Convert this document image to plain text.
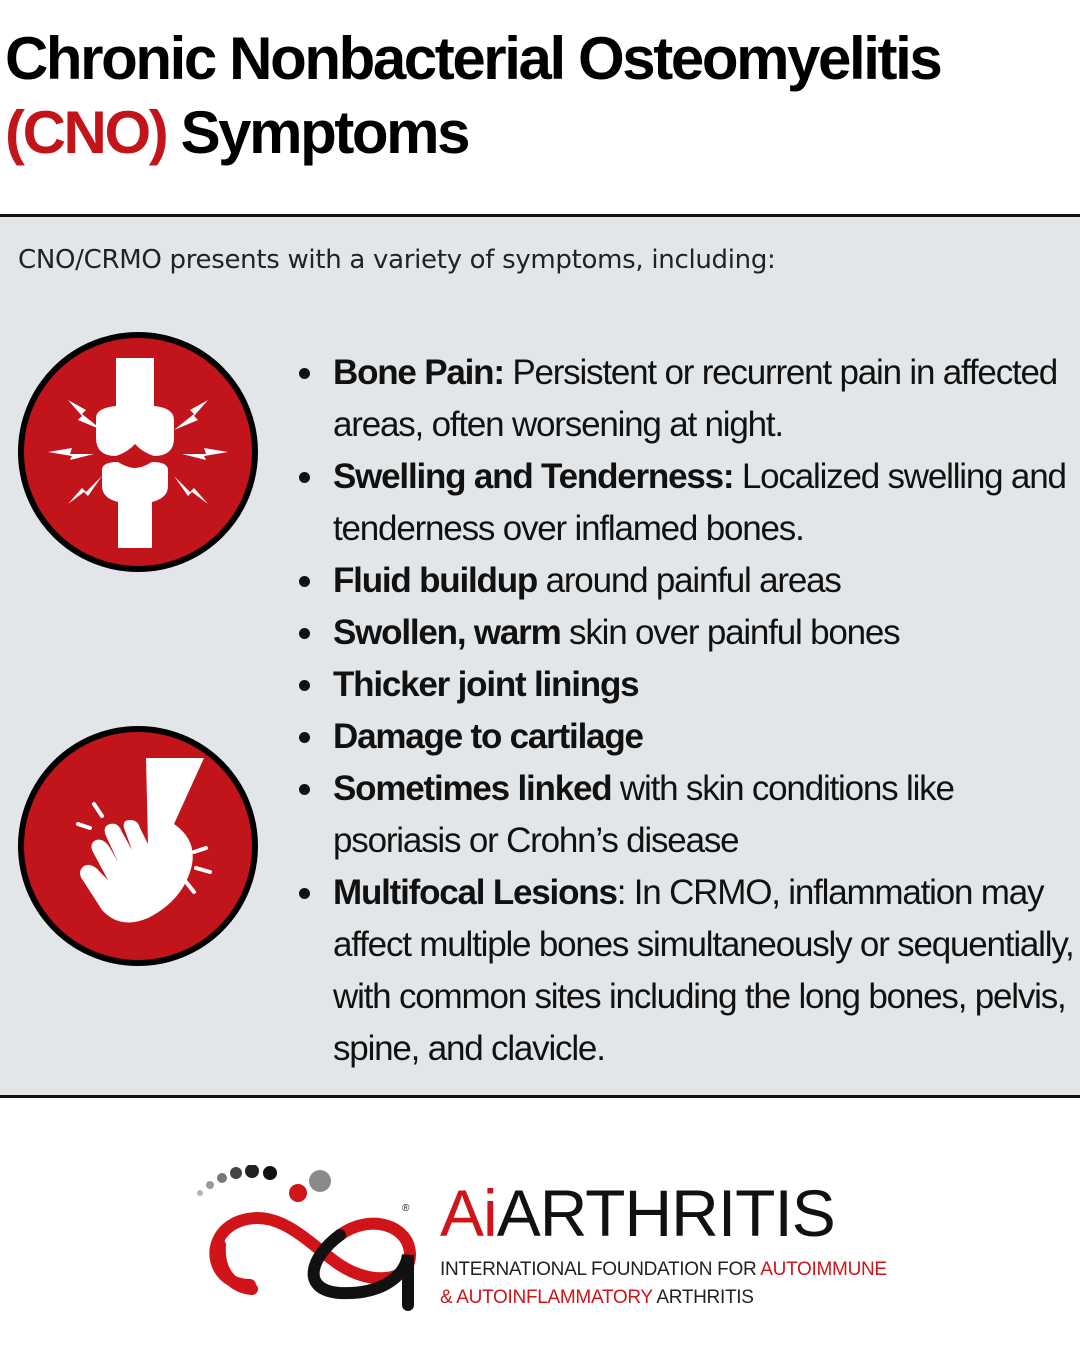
Chronic Nonbacterial Osteomyelitis
(CNO) Symptoms

CNO/CRMO presents with a variety of symptoms, including:

Bone Pain: Persistent or recurrent pain in affected areas, often worsening at night.
Swelling and Tenderness: Localized swelling and tenderness over inflamed bones.
Fluid buildup around painful areas
Swollen, warm skin over painful bones
Thicker joint linings
Damage to cartilage
Sometimes linked with skin conditions like psoriasis or Crohn’s disease
Multifocal Lesions: In CRMO, inflammation may affect multiple bones simultaneously or sequentially, with common sites including the long bones, pelvis, spine, and clavicle.
® AiARTHRITIS

INTERNATIONAL FOUNDATION FOR AUTOIMMUNE
& AUTOINFLAMMATORY ARTHRITIS
